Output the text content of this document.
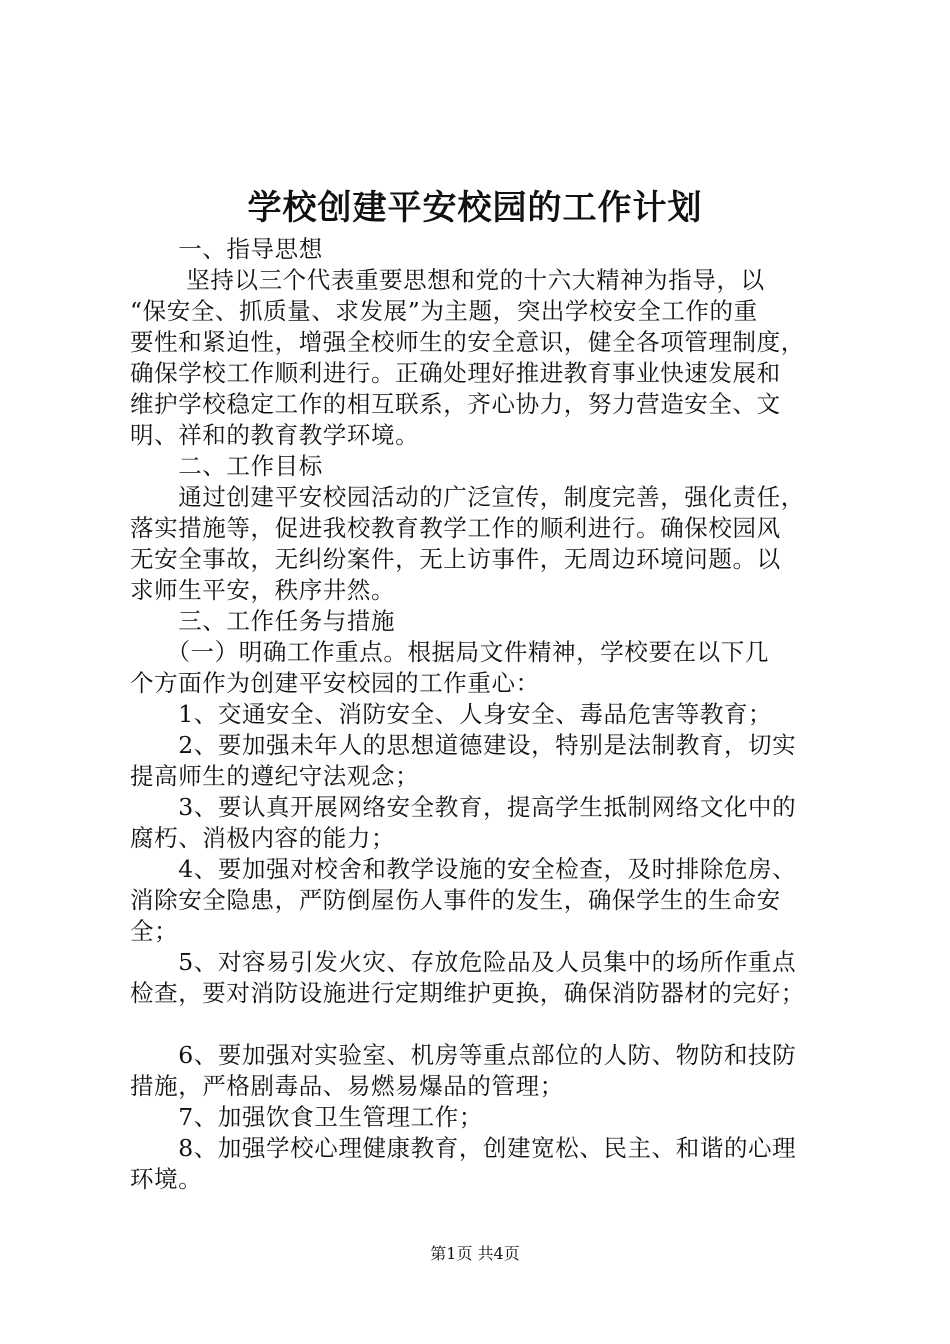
学校创建平安校园的工作计划
　　一、指导思想
　　 坚持以三个代表重要思想和党的十六大精神为指导，以
“保安全、抓质量、求发展”为主题，突出学校安全工作的重
要性和紧迫性，增强全校师生的安全意识，健全各项管理制度，
确保学校工作顺利进行。正确处理好推进教育事业快速发展和
维护学校稳定工作的相互联系，齐心协力，努力营造安全、文
明、祥和的教育教学环境。
　　二、工作目标
　　通过创建平安校园活动的广泛宣传，制度完善，强化责任，
落实措施等，促进我校教育教学工作的顺利进行。确保校园风
无安全事故，无纠纷案件，无上访事件，无周边环境问题。以
求师生平安，秩序井然。
　　三、工作任务与措施
　　（一）明确工作重点。根据局文件精神，学校要在以下几
个方面作为创建平安校园的工作重心：
　　1、交通安全、消防安全、人身安全、毒品危害等教育；
　　2、要加强未年人的思想道德建设，特别是法制教育，切实
提高师生的遵纪守法观念；
　　3、要认真开展网络安全教育，提高学生抵制网络文化中的
腐朽、消极内容的能力；
　　4、要加强对校舍和教学设施的安全检查，及时排除危房、
消除安全隐患，严防倒屋伤人事件的发生，确保学生的生命安
全；
　　5、对容易引发火灾、存放危险品及人员集中的场所作重点
检查，要对消防设施进行定期维护更换，确保消防器材的完好；
　　6、要加强对实验室、机房等重点部位的人防、物防和技防
措施，严格剧毒品、易燃易爆品的管理；
　　7、加强饮食卫生管理工作；
　　8、加强学校心理健康教育，创建宽松、民主、和谐的心理
环境。
第1页 共4页
